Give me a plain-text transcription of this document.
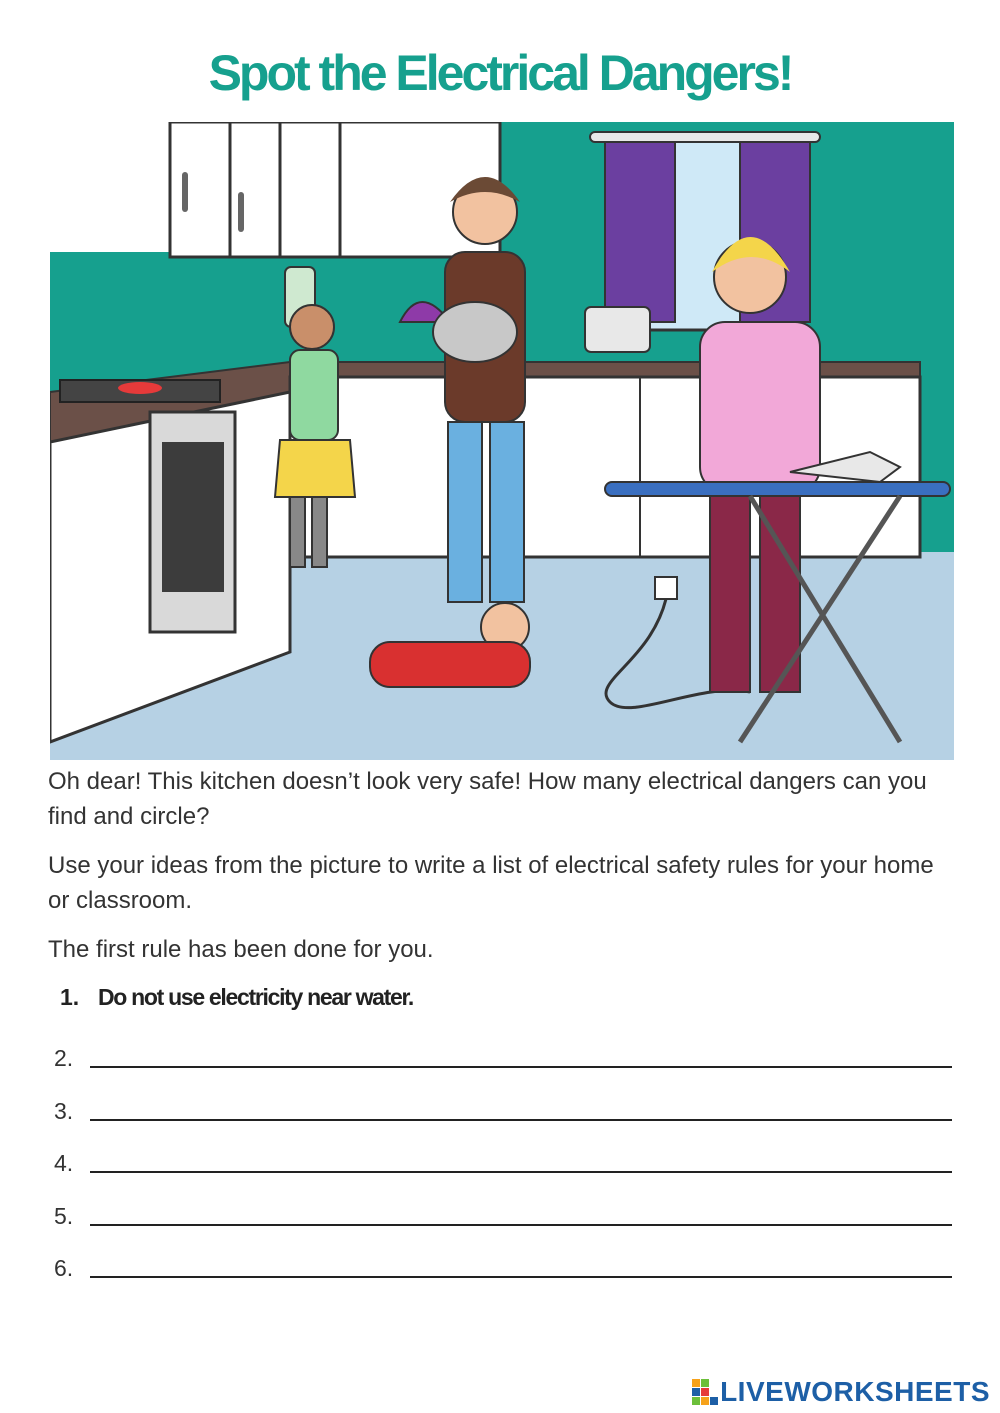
Spot the Electrical Dangers!

Oh dear! This kitchen doesn’t look very safe! How many electrical dangers can you find and circle?

Use your ideas from the picture to write a list of electrical safety rules for your home or classroom.

The first rule has been done for you.

1. Do not use electricity near water.
2.
3.
4.
5.
6.
LIVEWORKSHEETS
